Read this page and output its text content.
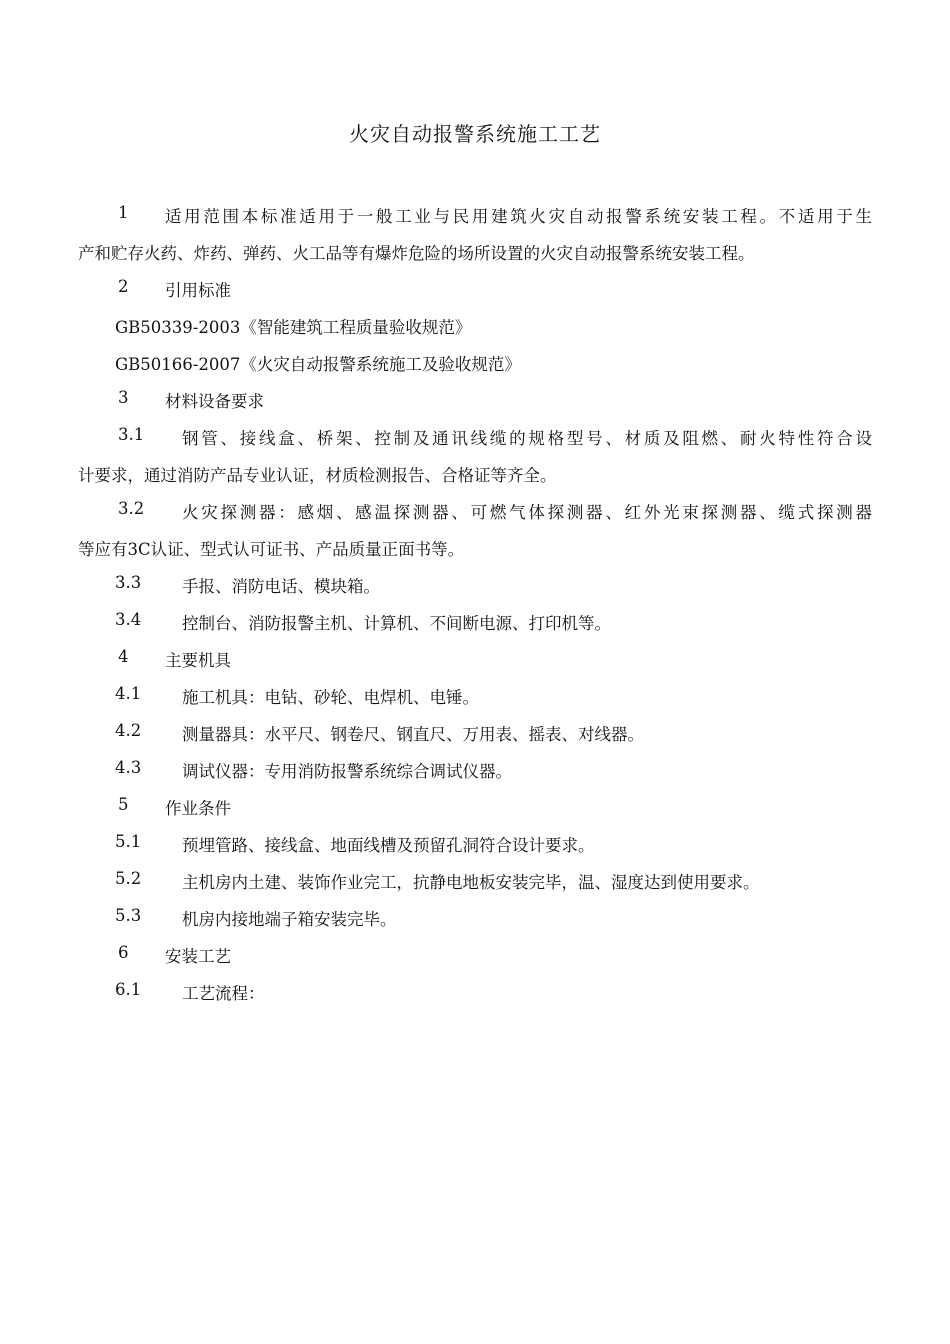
火灾自动报警系统施工工艺
1 适用范围本标准适用于一般工业与民用建筑火灾自动报警系统安装工程。不适用于生
产和贮存火药、炸药、弹药、火工品等有爆炸危险的场所设置的火灾自动报警系统安装工程。
2 引用标准
GB50339-2003《智能建筑工程质量验收规范》
GB50166-2007《火灾自动报警系统施工及验收规范》
3 材料设备要求
3.1 钢管、接线盒、桥架、控制及通讯线缆的规格型号、材质及阻燃、耐火特性符合设
计要求，通过消防产品专业认证，材质检测报告、合格证等齐全。
3.2 火灾探测器：感烟、感温探测器、可燃气体探测器、红外光束探测器、缆式探测器
等应有3C认证、型式认可证书、产品质量正面书等。
3.3 手报、消防电话、模块箱。
3.4 控制台、消防报警主机、计算机、不间断电源、打印机等。
4 主要机具
4.1 施工机具：电钻、砂轮、电焊机、电锤。
4.2 测量器具：水平尺、钢卷尺、钢直尺、万用表、摇表、对线器。
4.3 调试仪器：专用消防报警系统综合调试仪器。
5 作业条件
5.1 预埋管路、接线盒、地面线槽及预留孔洞符合设计要求。
5.2 主机房内土建、装饰作业完工，抗静电地板安装完毕，温、湿度达到使用要求。
5.3 机房内接地端子箱安装完毕。
6 安装工艺
6.1 工艺流程：
